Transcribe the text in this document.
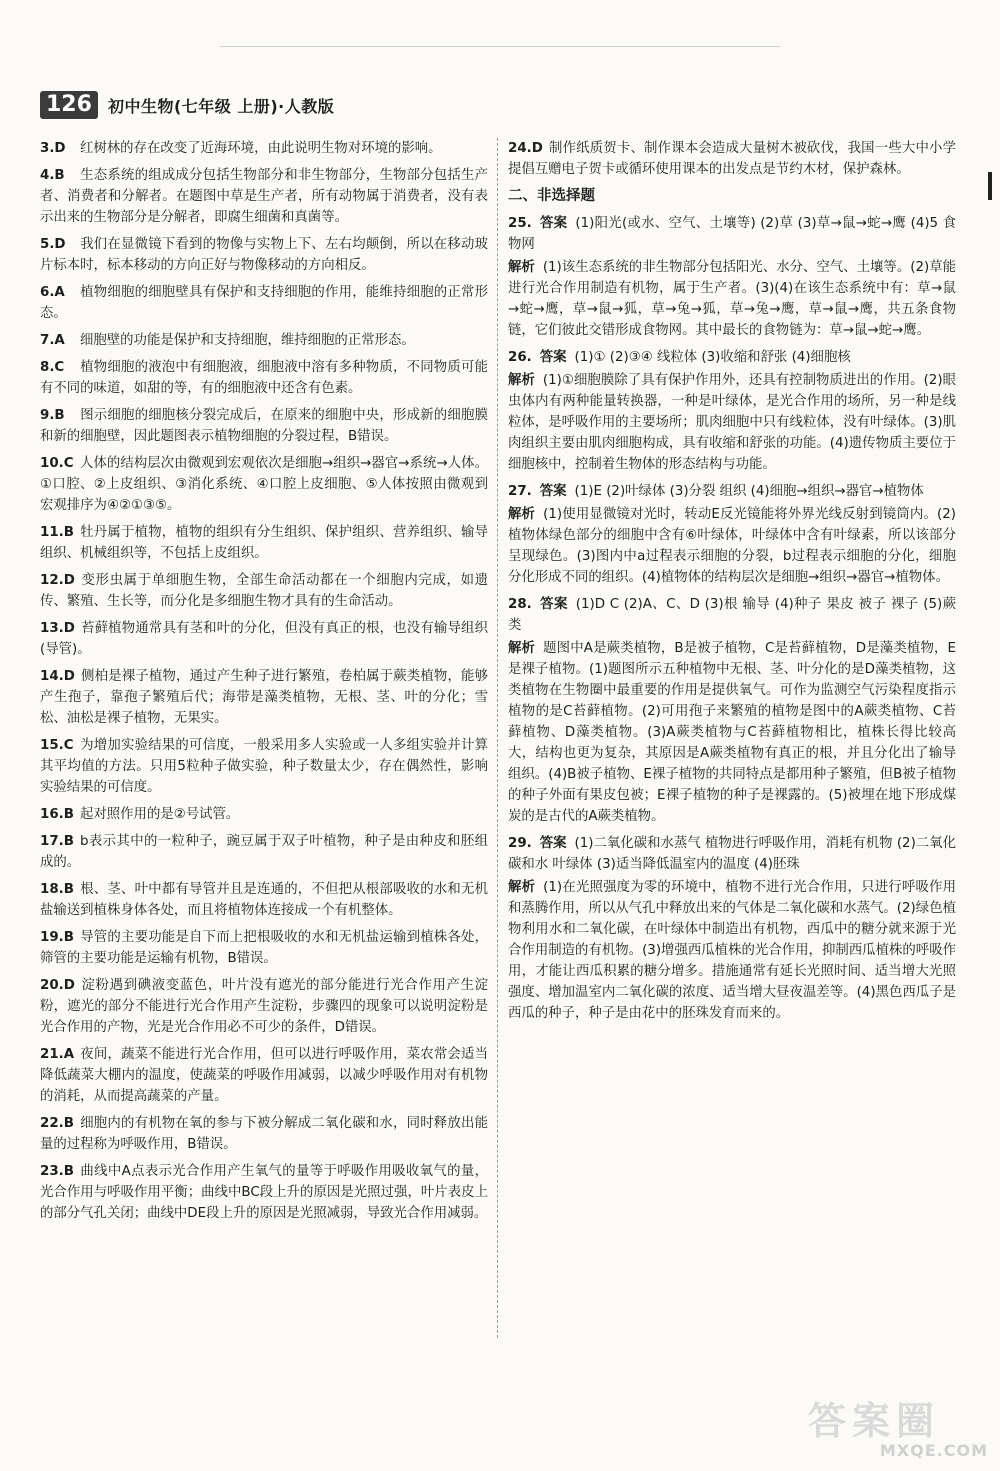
126	初中生物(七年级 上册)·人教版
3.D 红树林的存在改变了近海环境，由此说明生物对环境的影响。
4.B 生态系统的组成成分包括生物部分和非生物部分，生物部分包括生产者、消费者和分解者。在题图中草是生产者，所有动物属于消费者，没有表示出来的生物部分是分解者，即腐生细菌和真菌等。
5.D 我们在显微镜下看到的物像与实物上下、左右均颠倒，所以在移动玻片标本时，标本移动的方向正好与物像移动的方向相反。
6.A 植物细胞的细胞壁具有保护和支持细胞的作用，能维持细胞的正常形态。
7.A 细胞壁的功能是保护和支持细胞，维持细胞的正常形态。
8.C 植物细胞的液泡中有细胞液，细胞液中溶有多种物质，不同物质可能有不同的味道，如甜的等，有的细胞液中还含有色素。
9.B 图示细胞的细胞核分裂完成后，在原来的细胞中央，形成新的细胞膜和新的细胞壁，因此题图表示植物细胞的分裂过程，B错误。
10.C 人体的结构层次由微观到宏观依次是细胞→组织→器官→系统→人体。①口腔、②上皮组织、③消化系统、④口腔上皮细胞、⑤人体按照由微观到宏观排序为④②①③⑤。
11.B 牡丹属于植物，植物的组织有分生组织、保护组织、营养组织、输导组织、机械组织等，不包括上皮组织。
12.D 变形虫属于单细胞生物，全部生命活动都在一个细胞内完成，如遗传、繁殖、生长等，而分化是多细胞生物才具有的生命活动。
13.D 苔藓植物通常具有茎和叶的分化，但没有真正的根，也没有输导组织(导管)。
14.D 侧柏是裸子植物，通过产生种子进行繁殖，卷柏属于蕨类植物，能够产生孢子，靠孢子繁殖后代；海带是藻类植物，无根、茎、叶的分化；雪松、油松是裸子植物，无果实。
15.C 为增加实验结果的可信度，一般采用多人实验或一人多组实验并计算其平均值的方法。只用5粒种子做实验，种子数量太少，存在偶然性，影响实验结果的可信度。
16.B 起对照作用的是②号试管。
17.B b表示其中的一粒种子，豌豆属于双子叶植物，种子是由种皮和胚组成的。
18.B 根、茎、叶中都有导管并且是连通的，不但把从根部吸收的水和无机盐输送到植株身体各处，而且将植物体连接成一个有机整体。
19.B 导管的主要功能是自下而上把根吸收的水和无机盐运输到植株各处，筛管的主要功能是运输有机物，B错误。
20.D 淀粉遇到碘液变蓝色，叶片没有遮光的部分能进行光合作用产生淀粉，遮光的部分不能进行光合作用产生淀粉，步骤四的现象可以说明淀粉是光合作用的产物，光是光合作用必不可少的条件，D错误。
21.A 夜间，蔬菜不能进行光合作用，但可以进行呼吸作用，菜农常会适当降低蔬菜大棚内的温度，使蔬菜的呼吸作用减弱，以减少呼吸作用对有机物的消耗，从而提高蔬菜的产量。
22.B 细胞内的有机物在氧的参与下被分解成二氧化碳和水，同时释放出能量的过程称为呼吸作用，B错误。
23.B 曲线中A点表示光合作用产生氧气的量等于呼吸作用吸收氧气的量，光合作用与呼吸作用平衡；曲线中BC段上升的原因是光照过强，叶片表皮上的部分气孔关闭；曲线中DE段上升的原因是光照减弱，导致光合作用减弱。
24.D 制作纸质贺卡、制作课本会造成大量树木被砍伐，我国一些大中小学提倡互赠电子贺卡或循环使用课本的出发点是节约木材，保护森林。
二、非选择题
25. 答案 (1)阳光(或水、空气、土壤等) (2)草 (3)草→鼠→蛇→鹰 (4)5 食物网
解析 (1)该生态系统的非生物部分包括阳光、水分、空气、土壤等。(2)草能进行光合作用制造有机物，属于生产者。(3)(4)在该生态系统中有：草→鼠→蛇→鹰，草→鼠→狐，草→兔→狐，草→兔→鹰，草→鼠→鹰，共五条食物链，它们彼此交错形成食物网。其中最长的食物链为：草→鼠→蛇→鹰。
26. 答案 (1)① (2)③④ 线粒体 (3)收缩和舒张 (4)细胞核
解析 (1)①细胞膜除了具有保护作用外，还具有控制物质进出的作用。(2)眼虫体内有两种能量转换器，一种是叶绿体，是光合作用的场所，另一种是线粒体，是呼吸作用的主要场所；肌肉细胞中只有线粒体，没有叶绿体。(3)肌肉组织主要由肌肉细胞构成，具有收缩和舒张的功能。(4)遗传物质主要位于细胞核中，控制着生物体的形态结构与功能。
27. 答案 (1)E (2)叶绿体 (3)分裂 组织 (4)细胞→组织→器官→植物体
解析 (1)使用显微镜对光时，转动E反光镜能将外界光线反射到镜筒内。(2)植物体绿色部分的细胞中含有⑥叶绿体，叶绿体中含有叶绿素，所以该部分呈现绿色。(3)图内中a过程表示细胞的分裂，b过程表示细胞的分化，细胞分化形成不同的组织。(4)植物体的结构层次是细胞→组织→器官→植物体。
28. 答案 (1)D C (2)A、C、D (3)根 输导 (4)种子 果皮 被子 裸子 (5)蕨类
解析 题图中A是蕨类植物，B是被子植物，C是苔藓植物，D是藻类植物，E是裸子植物。(1)题图所示五种植物中无根、茎、叶分化的是D藻类植物，这类植物在生物圈中最重要的作用是提供氧气。可作为监测空气污染程度指示植物的是C苔藓植物。(2)可用孢子来繁殖的植物是图中的A蕨类植物、C苔藓植物、D藻类植物。(3)A蕨类植物与C苔藓植物相比，植株长得比较高大，结构也更为复杂，其原因是A蕨类植物有真正的根，并且分化出了输导组织。(4)B被子植物、E裸子植物的共同特点是都用种子繁殖，但B被子植物的种子外面有果皮包被；E裸子植物的种子是裸露的。(5)被埋在地下形成煤炭的是古代的A蕨类植物。
29. 答案 (1)二氧化碳和水蒸气 植物进行呼吸作用，消耗有机物 (2)二氧化碳和水 叶绿体 (3)适当降低温室内的温度 (4)胚珠
解析 (1)在光照强度为零的环境中，植物不进行光合作用，只进行呼吸作用和蒸腾作用，所以从气孔中释放出来的气体是二氧化碳和水蒸气。(2)绿色植物利用水和二氧化碳，在叶绿体中制造出有机物，西瓜中的糖分就来源于光合作用制造的有机物。(3)增强西瓜植株的光合作用，抑制西瓜植株的呼吸作用，才能让西瓜积累的糖分增多。措施通常有延长光照时间、适当增大光照强度、增加温室内二氧化碳的浓度、适当增大昼夜温差等。(4)黑色西瓜子是西瓜的种子，种子是由花中的胚珠发育而来的。
答案圈
MXQE.COM
